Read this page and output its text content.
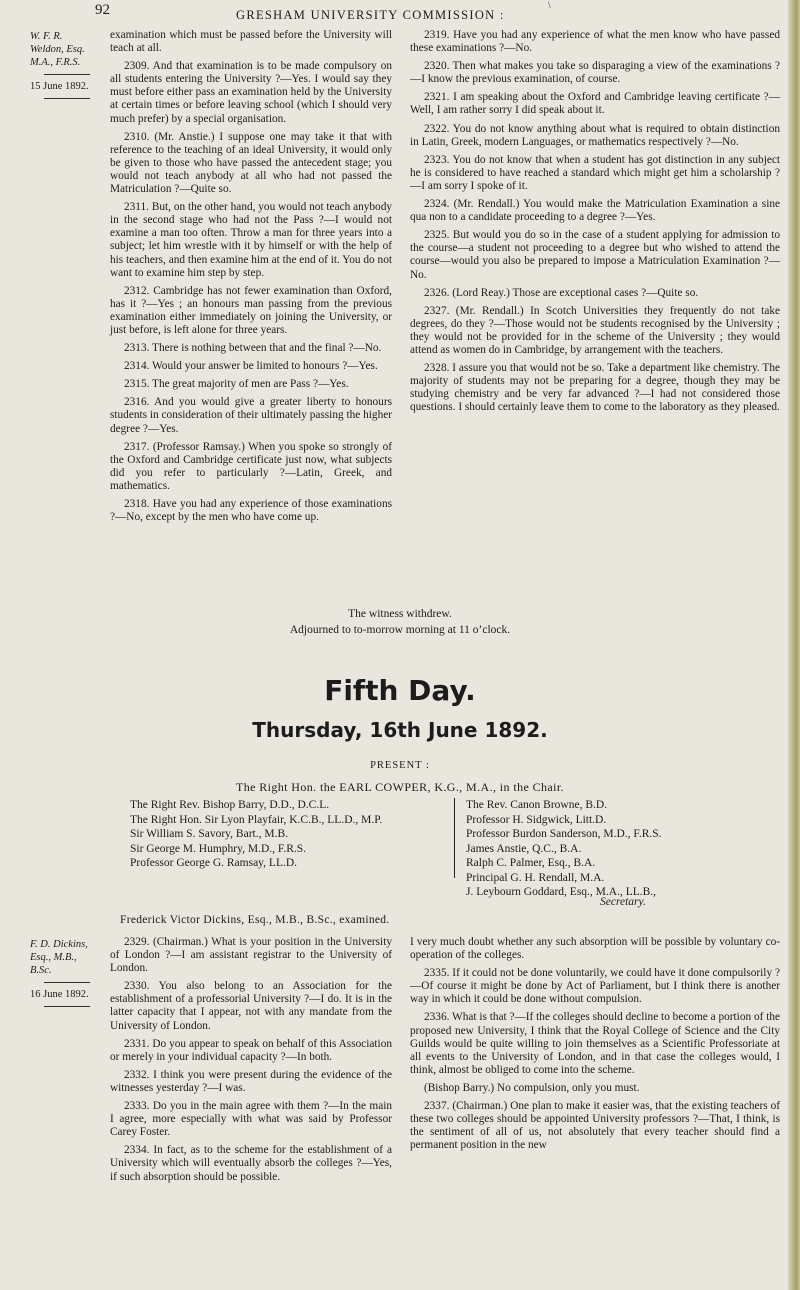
92	GRESHAM UNIVERSITY COMMISSION :
\
W. F. R.
Weldon, Esq.
M.A., F.R.S.
15 June 1892.

examination which must be passed before the University will teach at all.

2309. And that examination is to be made compulsory on all students entering the University ?—Yes. I would say they must before either pass an examination held by the University at certain times or before leaving school (which I should very much prefer) by a special organisation.

2310. (Mr. Anstie.) I suppose one may take it that with reference to the teaching of an ideal University, it would only be given to those who have passed the antecedent stage; you would not teach anybody at all who had not passed the Matriculation ?—Quite so.

2311. But, on the other hand, you would not teach anybody in the second stage who had not the Pass ?—I would not examine a man too often. Throw a man for three years into a subject; let him wrestle with it by himself or with the help of his teachers, and then examine him at the end of it. You do not want to examine him step by step.

2312. Cambridge has not fewer examination than Oxford, has it ?—Yes ; an honours man passing from the previous examination either immediately on joining the University, or just before, is left alone for three years.

2313. There is nothing between that and the final ?—No.

2314. Would your answer be limited to honours ?—Yes.

2315. The great majority of men are Pass ?—Yes.

2316. And you would give a greater liberty to honours students in consideration of their ultimately passing the higher degree ?—Yes.

2317. (Professor Ramsay.) When you spoke so strongly of the Oxford and Cambridge certificate just now, what subjects did you refer to particularly ?—Latin, Greek, and mathematics.

2318. Have you had any experience of those examinations ?—No, except by the men who have come up.

2319. Have you had any experience of what the men know who have passed these examinations ?—No.

2320. Then what makes you take so disparaging a view of the examinations ?—I know the previous examination, of course.

2321. I am speaking about the Oxford and Cambridge leaving certificate ?—Well, I am rather sorry I did speak about it.

2322. You do not know anything about what is required to obtain distinction in Latin, Greek, modern Languages, or mathematics respectively ?—No.

2323. You do not know that when a student has got distinction in any subject he is considered to have reached a standard which might get him a scholarship ?—I am sorry I spoke of it.

2324. (Mr. Rendall.) You would make the Matriculation Examination a sine qua non to a candidate proceeding to a degree ?—Yes.

2325. But would you do so in the case of a student applying for admission to the course—a student not proceeding to a degree but who wished to attend the course—would you also be prepared to impose a Matriculation Examination ?—No.

2326. (Lord Reay.) Those are exceptional cases ?—Quite so.

2327. (Mr. Rendall.) In Scotch Universities they frequently do not take degrees, do they ?—Those would not be students recognised by the University ; they would not be provided for in the scheme of the University ; they would attend as women do in Cambridge, by arrangement with the teachers.

2328. I assure you that would not be so. Take a department like chemistry. The majority of students may not be preparing for a degree, though they may be studying chemistry and be very far advanced ?—I had not considered those questions. I should certainly leave them to come to the laboratory as they pleased.

The witness withdrew.
Adjourned to to-morrow morning at 11 o’clock.
Fifth Day.
Thursday, 16th June 1892.
PRESENT :
The Right Hon. the EARL COWPER, K.G., M.A., in the Chair.
The Right Rev. Bishop Barry, D.D., D.C.L.
The Right Hon. Sir Lyon Playfair, K.C.B., LL.D., M.P.
Sir William S. Savory, Bart., M.B.
Sir George M. Humphry, M.D., F.R.S.
Professor George G. Ramsay, LL.D.
The Rev. Canon Browne, B.D.
Professor H. Sidgwick, Litt.D.
Professor Burdon Sanderson, M.D., F.R.S.
James Anstie, Q.C., B.A.
Ralph C. Palmer, Esq., B.A.
Principal G. H. Rendall, M.A.
J. Leybourn Goddard, Esq., M.A., LL.B.,
Secretary.
Frederick Victor Dickins, Esq., M.B., B.Sc., examined.
F. D. Dickins,
Esq., M.B.,
B.Sc.
16 June 1892.

2329. (Chairman.) What is your position in the University of London ?—I am assistant registrar to the University of London.

2330. You also belong to an Association for the establishment of a professorial University ?—I do. It is in the latter capacity that I appear, not with any mandate from the University of London.

2331. Do you appear to speak on behalf of this Association or merely in your individual capacity ?—In both.

2332. I think you were present during the evidence of the witnesses yesterday ?—I was.

2333. Do you in the main agree with them ?—In the main I agree, more especially with what was said by Professor Carey Foster.

2334. In fact, as to the scheme for the establishment of a University which will eventually absorb the colleges ?—Yes, if such absorption should be possible.

I very much doubt whether any such absorption will be possible by voluntary co-operation of the colleges.

2335. If it could not be done voluntarily, we could have it done compulsorily ?—Of course it might be done by Act of Parliament, but I think there is another way in which it could be done without compulsion.

2336. What is that ?—If the colleges should decline to become a portion of the proposed new University, I think that the Royal College of Science and the City Guilds would be quite willing to join themselves as a Scientific Professoriate at all events to the University of London, and in that case the colleges would, I think, almost be obliged to come into the scheme.

(Bishop Barry.) No compulsion, only you must.

2337. (Chairman.) One plan to make it easier was, that the existing teachers of these two colleges should be appointed University professors ?—That, I think, is the sentiment of all of us, not absolutely that every teacher should find a permanent position in the new
